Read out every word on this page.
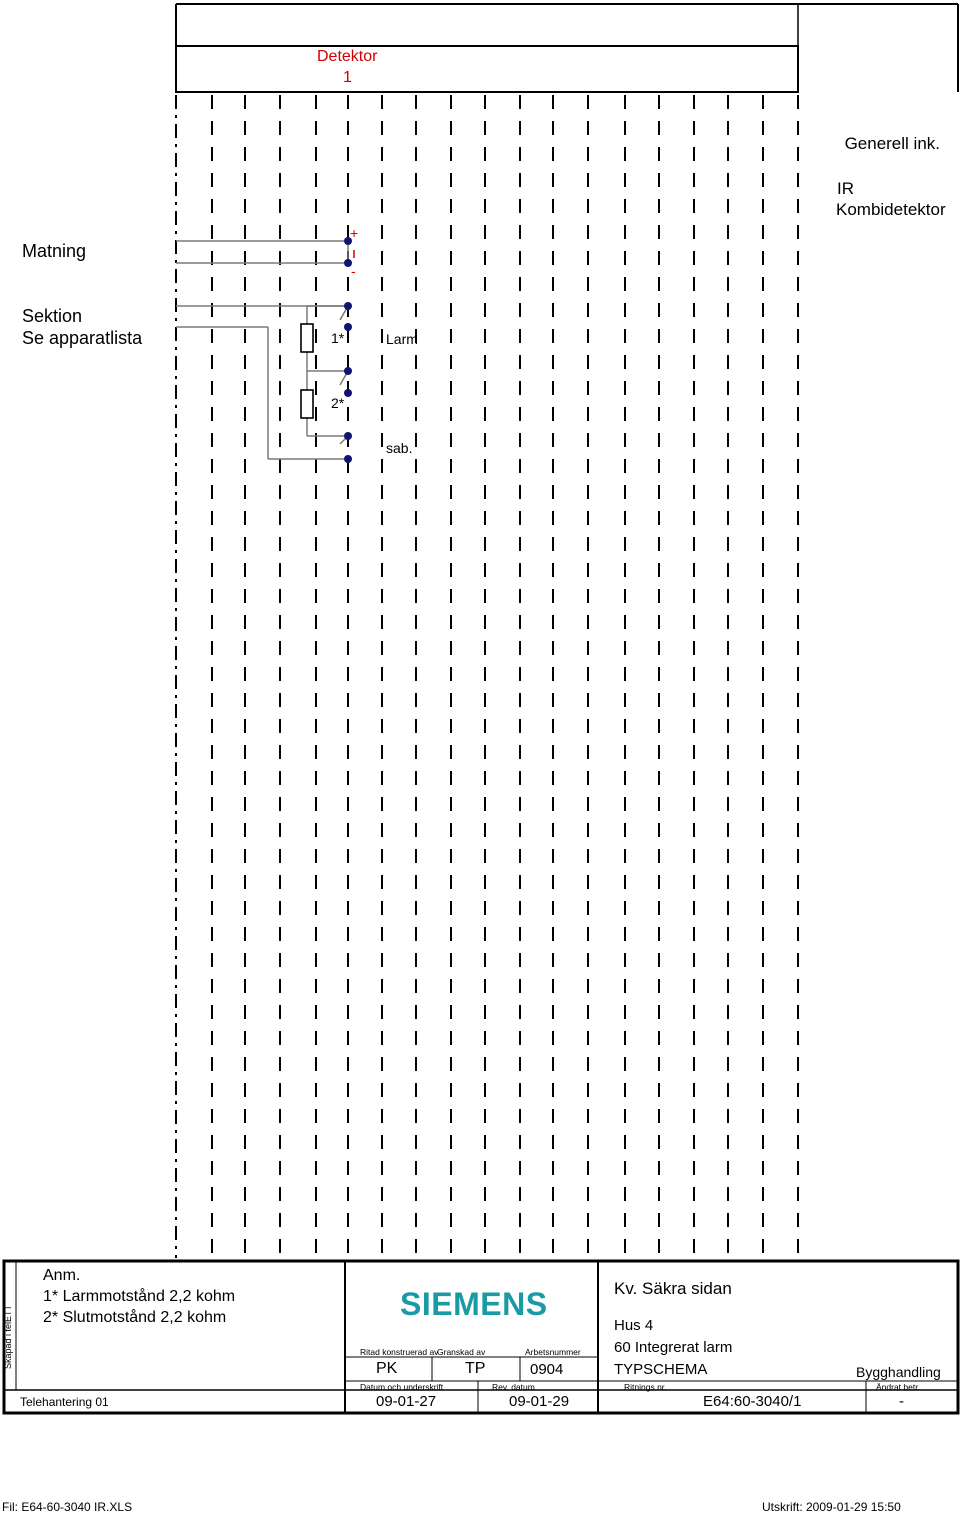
Detektor
1
Generell ink.
IR
Kombidetektor
Matning
+
-
Sektion
Se apparatlista	1*	Larm
2*
sab.
Skapad i telETT
Anm.
1* Larmmotstånd 2,2 kohm
2* Slutmotstånd 2,2 kohm
Telehantering 01
SIEMENS
Ritad konstruerad av
PK
Granskad av
TP
Arbetsnummer
0904
Datum och underskrift
09-01-27
Rev. datum
09-01-29
Kv. Säkra sidan
Hus 4
60 Integrerat larm
TYPSCHEMA	Bygghandling
Ritnings nr.
E64:60-3040/1
Ändrat betr.
-
Fil: E64-60-3040 IR.XLS	Utskrift: 2009-01-29 15:50
